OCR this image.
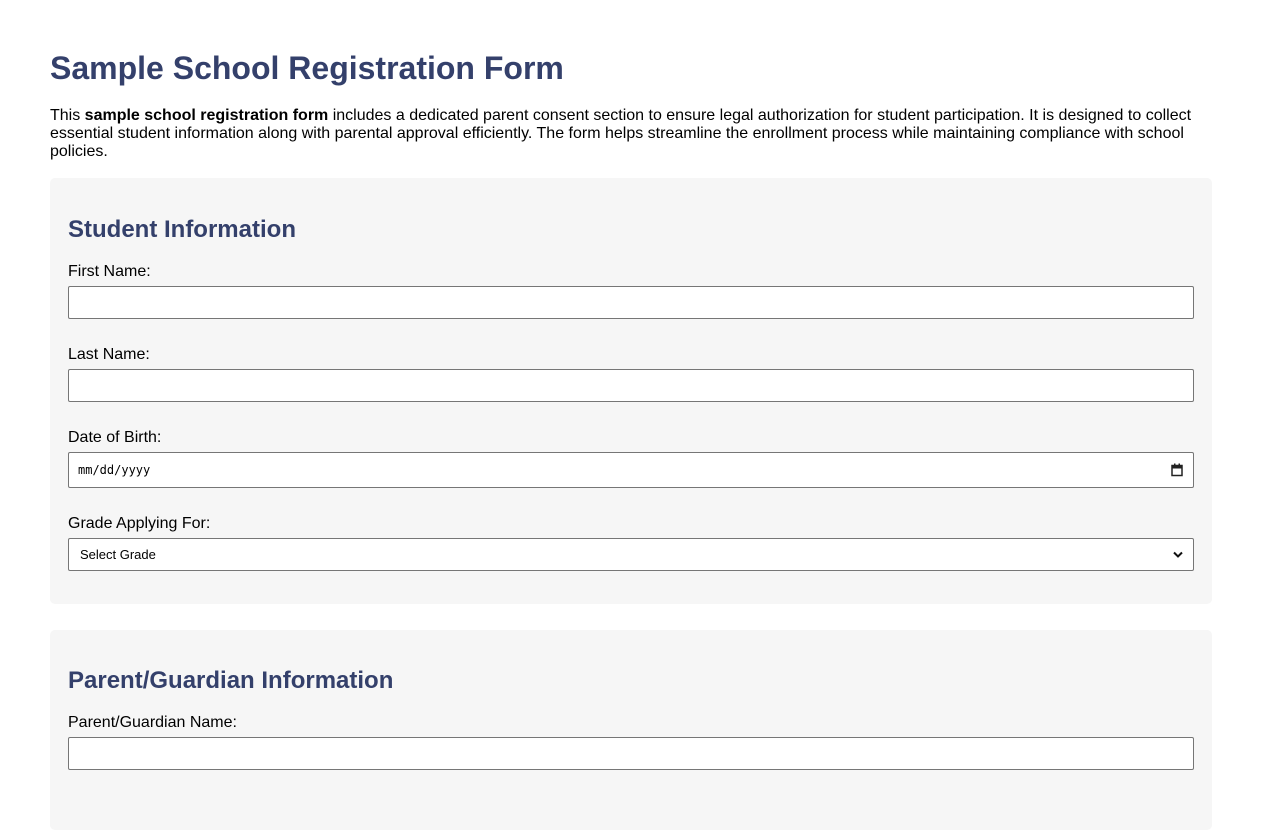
Sample School Registration Form

This sample school registration form includes a dedicated parent consent section to ensure legal authorization for student participation. It is designed to collect essential student information along with parental approval efficiently. The form helps streamline the enrollment process while maintaining compliance with school policies.

Student Information
First Name:
Last Name:
Date of Birth:
mm/dd/yyyy
Grade Applying For:
Select Grade
Parent/Guardian Information
Parent/Guardian Name:
